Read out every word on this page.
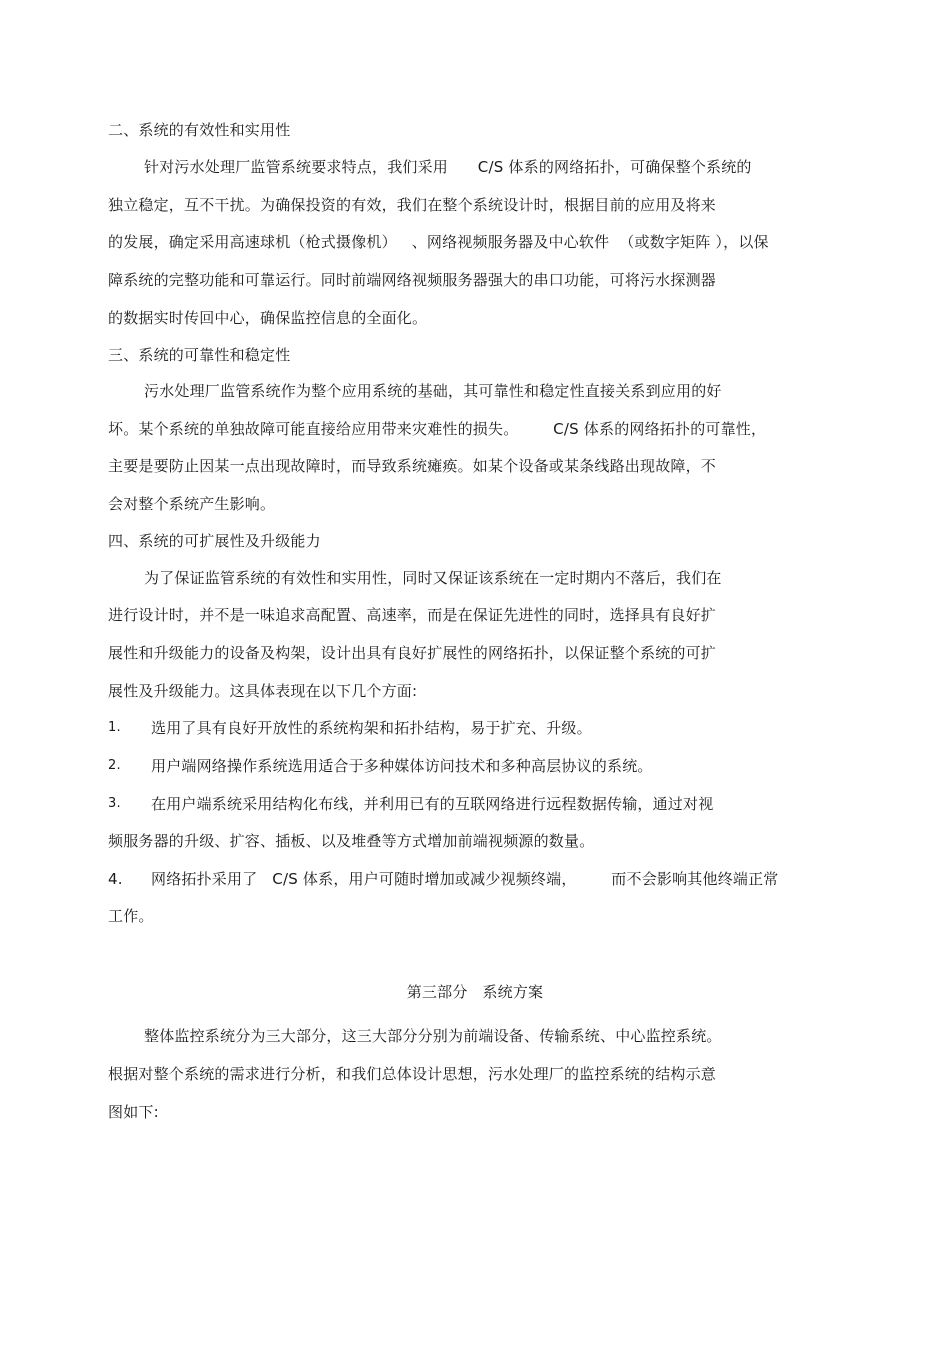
二、系统的有效性和实用性
针对污水处理厂监管系统要求特点，我们采用      C/S 体系的网络拓扑，可确保整个系统的
独立稳定，互不干扰。为确保投资的有效，我们在整个系统设计时，根据目前的应用及将来
的发展，确定采用高速球机（枪式摄像机）   、网络视频服务器及中心软件  （或数字矩阵 ），以保
障系统的完整功能和可靠运行。同时前端网络视频服务器强大的串口功能，可将污水探测器
的数据实时传回中心，确保监控信息的全面化。
三、系统的可靠性和稳定性
污水处理厂监管系统作为整个应用系统的基础，其可靠性和稳定性直接关系到应用的好
坏。某个系统的单独故障可能直接给应用带来灾难性的损失。       C/S 体系的网络拓扑的可靠性，
主要是要防止因某一点出现故障时，而导致系统瘫痪。如某个设备或某条线路出现故障，不
会对整个系统产生影响。
四、系统的可扩展性及升级能力
为了保证监管系统的有效性和实用性，同时又保证该系统在一定时期内不落后，我们在
进行设计时，并不是一味追求高配置、高速率，而是在保证先进性的同时，选择具有良好扩
展性和升级能力的设备及构架，设计出具有良好扩展性的网络拓扑，以保证整个系统的可扩
展性及升级能力。这具体表现在以下几个方面:
1. 选用了具有良好开放性的系统构架和拓扑结构，易于扩充、升级。
2. 用户端网络操作系统选用适合于多种媒体访问技术和多种高层协议的系统。
3. 在用户端系统采用结构化布线，并利用已有的互联网络进行远程数据传输，通过对视
频服务器的升级、扩容、插板、以及堆叠等方式增加前端视频源的数量。
4. 网络拓扑采用了   C/S 体系，用户可随时增加或减少视频终端，       而不会影响其他终端正常
工作。
第三部分   系统方案
整体监控系统分为三大部分，这三大部分分别为前端设备、传输系统、中心监控系统。
根据对整个系统的需求进行分析，和我们总体设计思想，污水处理厂的监控系统的结构示意
图如下:
